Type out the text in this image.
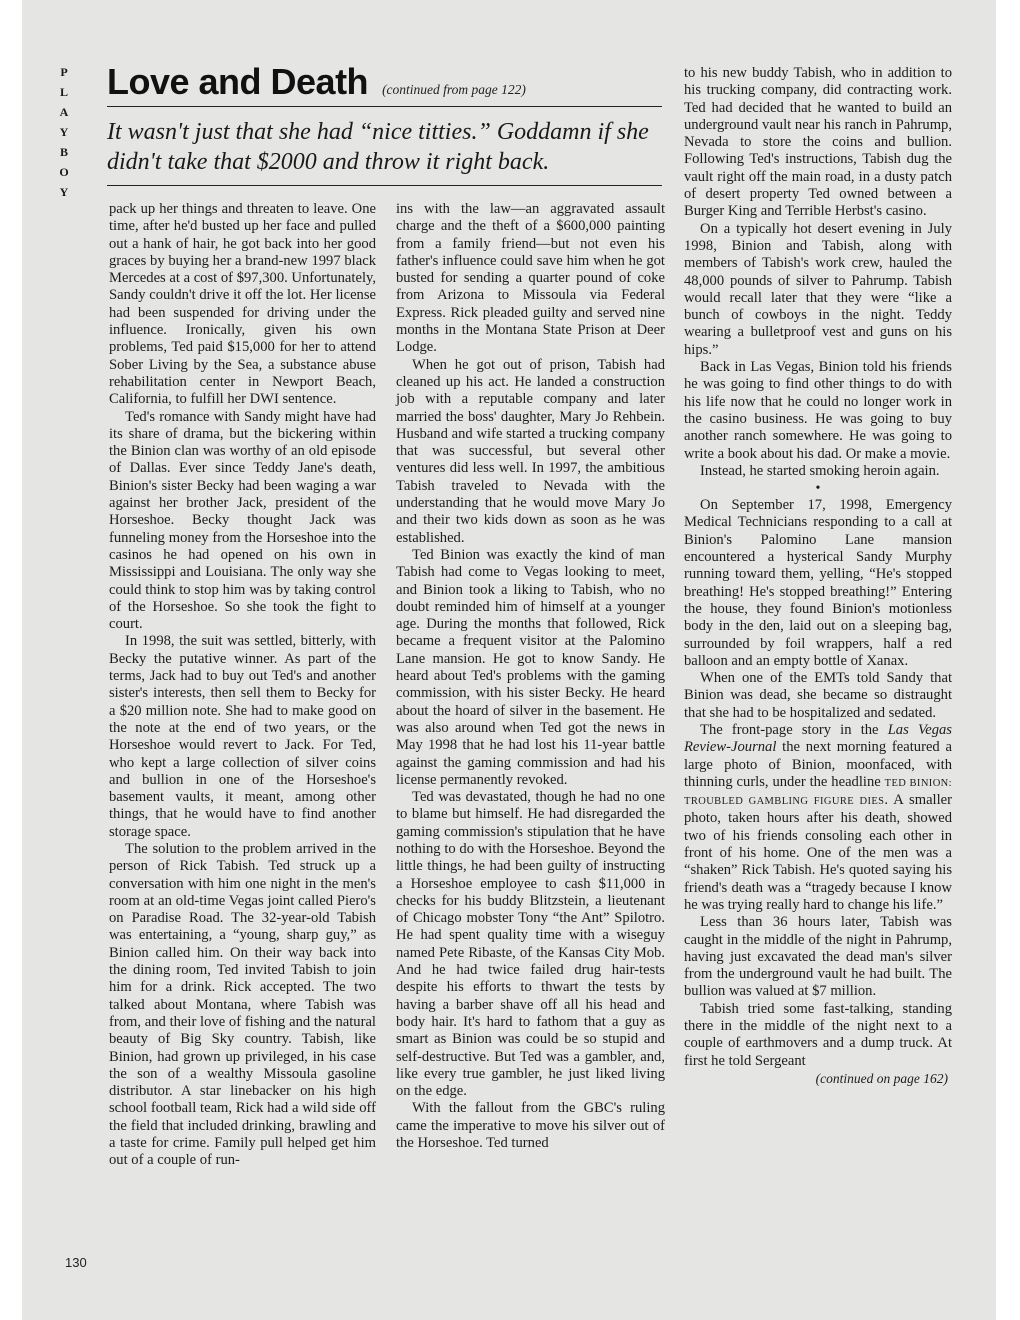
P
L
A
Y
B
O
Y
Love and Death (continued from page 122)
It wasn't just that she had “nice titties.” Goddamn if she didn't take that $2000 and throw it right back.

pack up her things and threaten to leave. One time, after he'd busted up her face and pulled out a hank of hair, he got back into her good graces by buying her a brand-new 1997 black Mercedes at a cost of $97,300. Unfortunately, Sandy couldn't drive it off the lot. Her license had been suspended for driving under the influence. Ironically, given his own problems, Ted paid $15,000 for her to attend Sober Living by the Sea, a substance abuse rehabilitation center in Newport Beach, California, to fulfill her DWI sentence.

Ted's romance with Sandy might have had its share of drama, but the bickering within the Binion clan was worthy of an old episode of Dallas. Ever since Teddy Jane's death, Binion's sister Becky had been waging a war against her brother Jack, president of the Horseshoe. Becky thought Jack was funneling money from the Horseshoe into the casinos he had opened on his own in Mississippi and Louisiana. The only way she could think to stop him was by taking control of the Horseshoe. So she took the fight to court.

In 1998, the suit was settled, bitterly, with Becky the putative winner. As part of the terms, Jack had to buy out Ted's and another sister's interests, then sell them to Becky for a $20 million note. She had to make good on the note at the end of two years, or the Horseshoe would revert to Jack. For Ted, who kept a large collection of silver coins and bullion in one of the Horseshoe's basement vaults, it meant, among other things, that he would have to find another storage space.

The solution to the problem arrived in the person of Rick Tabish. Ted struck up a conversation with him one night in the men's room at an old-time Vegas joint called Piero's on Paradise Road. The 32-year-old Tabish was entertaining, a “young, sharp guy,” as Binion called him. On their way back into the dining room, Ted invited Tabish to join him for a drink. Rick accepted. The two talked about Montana, where Tabish was from, and their love of fishing and the natural beauty of Big Sky country. Tabish, like Binion, had grown up privileged, in his case the son of a wealthy Missoula gasoline distributor. A star linebacker on his high school football team, Rick had a wild side off the field that included drinking, brawling and a taste for crime. Family pull helped get him out of a couple of run-

ins with the law—an aggravated assault charge and the theft of a $600,000 painting from a family friend—but not even his father's influence could save him when he got busted for sending a quarter pound of coke from Arizona to Missoula via Federal Express. Rick pleaded guilty and served nine months in the Montana State Prison at Deer Lodge.

When he got out of prison, Tabish had cleaned up his act. He landed a construction job with a reputable company and later married the boss' daughter, Mary Jo Rehbein. Husband and wife started a trucking company that was successful, but several other ventures did less well. In 1997, the ambitious Tabish traveled to Nevada with the understanding that he would move Mary Jo and their two kids down as soon as he was established.

Ted Binion was exactly the kind of man Tabish had come to Vegas looking to meet, and Binion took a liking to Tabish, who no doubt reminded him of himself at a younger age. During the months that followed, Rick became a frequent visitor at the Palomino Lane mansion. He got to know Sandy. He heard about Ted's problems with the gaming commission, with his sister Becky. He heard about the hoard of silver in the basement. He was also around when Ted got the news in May 1998 that he had lost his 11-year battle against the gaming commission and had his license permanently revoked.

Ted was devastated, though he had no one to blame but himself. He had disregarded the gaming commission's stipulation that he have nothing to do with the Horseshoe. Beyond the little things, he had been guilty of instructing a Horseshoe employee to cash $11,000 in checks for his buddy Blitzstein, a lieutenant of Chicago mobster Tony “the Ant” Spilotro. He had spent quality time with a wiseguy named Pete Ribaste, of the Kansas City Mob. And he had twice failed drug hair-tests despite his efforts to thwart the tests by having a barber shave off all his head and body hair. It's hard to fathom that a guy as smart as Binion was could be so stupid and self-destructive. But Ted was a gambler, and, like every true gambler, he just liked living on the edge.

With the fallout from the GBC's ruling came the imperative to move his silver out of the Horseshoe. Ted turned

to his new buddy Tabish, who in addition to his trucking company, did contracting work. Ted had decided that he wanted to build an underground vault near his ranch in Pahrump, Nevada to store the coins and bullion. Following Ted's instructions, Tabish dug the vault right off the main road, in a dusty patch of desert property Ted owned between a Burger King and Terrible Herbst's casino.

On a typically hot desert evening in July 1998, Binion and Tabish, along with members of Tabish's work crew, hauled the 48,000 pounds of silver to Pahrump. Tabish would recall later that they were “like a bunch of cowboys in the night. Teddy wearing a bulletproof vest and guns on his hips.”

Back in Las Vegas, Binion told his friends he was going to find other things to do with his life now that he could no longer work in the casino business. He was going to buy another ranch somewhere. He was going to write a book about his dad. Or make a movie.

Instead, he started smoking heroin again.

•

On September 17, 1998, Emergency Medical Technicians responding to a call at Binion's Palomino Lane mansion encountered a hysterical Sandy Murphy running toward them, yelling, “He's stopped breathing! He's stopped breathing!” Entering the house, they found Binion's motionless body in the den, laid out on a sleeping bag, surrounded by foil wrappers, half a red balloon and an empty bottle of Xanax.

When one of the EMTs told Sandy that Binion was dead, she became so distraught that she had to be hospitalized and sedated.

The front-page story in the Las Vegas Review-Journal the next morning featured a large photo of Binion, moonfaced, with thinning curls, under the headline TED BINION: TROUBLED GAMBLING FIGURE DIES. A smaller photo, taken hours after his death, showed two of his friends consoling each other in front of his home. One of the men was a “shaken” Rick Tabish. He's quoted saying his friend's death was a “tragedy because I know he was trying really hard to change his life.”

Less than 36 hours later, Tabish was caught in the middle of the night in Pahrump, having just excavated the dead man's silver from the underground vault he had built. The bullion was valued at $7 million.

Tabish tried some fast-talking, standing there in the middle of the night next to a couple of earthmovers and a dump truck. At first he told Sergeant

(continued on page 162)

130
